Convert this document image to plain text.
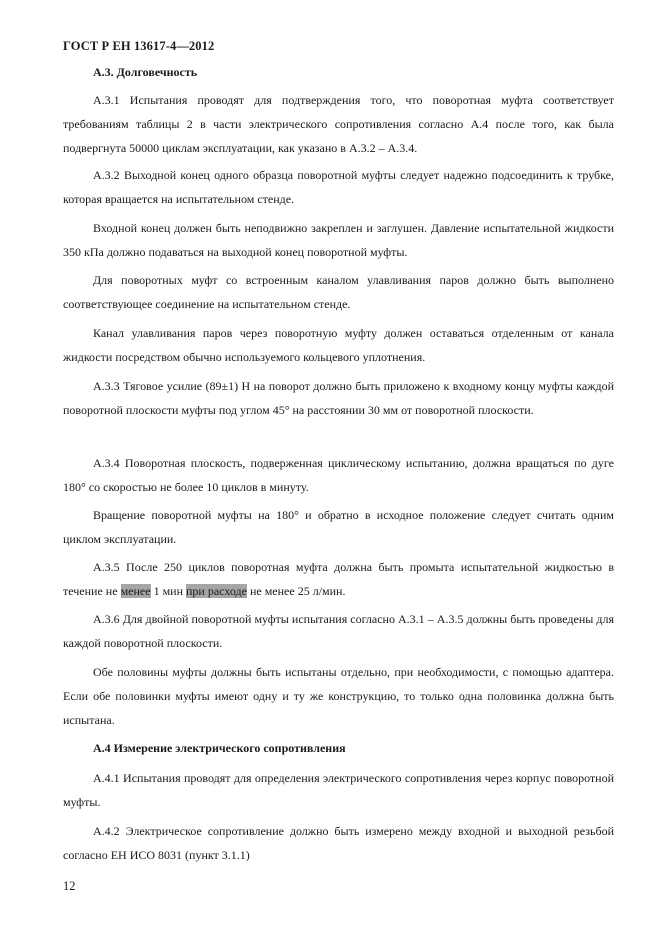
ГОСТ Р ЕН 13617-4—2012
А.3. Долговечность

А.3.1 Испытания проводят для подтверждения того, что поворотная муфта соответствует требованиям таблицы 2 в части электрического сопротивления согласно А.4 после того, как была подвергнута 50000 циклам эксплуатации, как указано в А.3.2 – А.3.4.

А.3.2 Выходной конец одного образца поворотной муфты следует надежно подсоединить к трубке, которая вращается на испытательном стенде.

Входной конец должен быть неподвижно закреплен и заглушен. Давление испытательной жидкости 350 кПа должно подаваться на выходной конец поворотной муфты.

Для поворотных муфт со встроенным каналом улавливания паров должно быть выполнено соответствующее соединение на испытательном стенде.

Канал улавливания паров через поворотную муфту должен оставаться отделенным от канала жидкости посредством обычно используемого кольцевого уплотнения.

А.3.3 Тяговое усилие (89±1) Н на поворот должно быть приложено к входному концу муфты каждой поворотной плоскости муфты под углом 45° на расстоянии 30 мм от поворотной плоскости.

А.3.4 Поворотная плоскость, подверженная циклическому испытанию, должна вращаться по дуге 180° со скоростью не более 10 циклов в минуту.

Вращение поворотной муфты на 180° и обратно в исходное положение следует считать одним циклом эксплуатации.

А.3.5 После 250 циклов поворотная муфта должна быть промыта испытательной жидкостью в течение не менее 1 мин при расходе не менее 25 л/мин.

А.3.6 Для двойной поворотной муфты испытания согласно А.3.1 – А.3.5 должны быть проведены для каждой поворотной плоскости.

Обе половины муфты должны быть испытаны отдельно, при необходимости, с помощью адаптера. Если обе половинки муфты имеют одну и ту же конструкцию, то только одна половинка должна быть испытана.

А.4 Измерение электрического сопротивления

А.4.1 Испытания проводят для определения электрического сопротивления через корпус поворотной муфты.

А.4.2 Электрическое сопротивление должно быть измерено между входной и выходной резьбой согласно ЕН ИСО 8031 (пункт 3.1.1)

12
